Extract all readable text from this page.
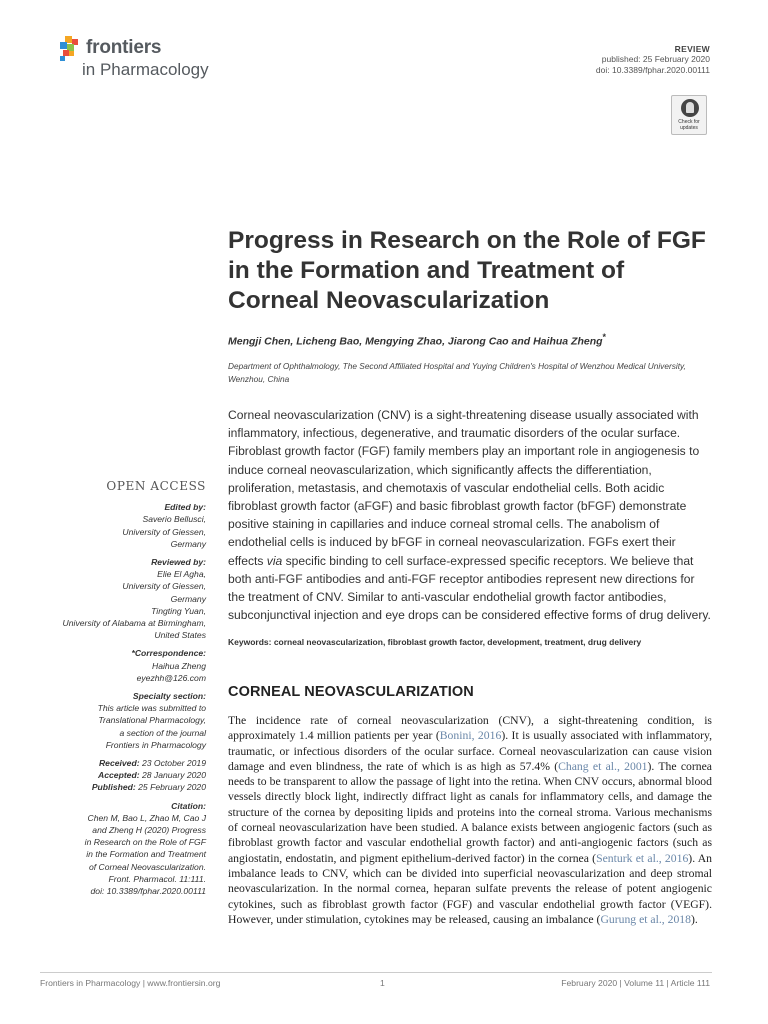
frontiers
in Pharmacology
REVIEW
published: 25 February 2020
doi: 10.3389/fphar.2020.00111
Check for
updates
Progress in Research on the Role of FGF in the Formation and Treatment of Corneal Neovascularization
Mengji Chen, Licheng Bao, Mengying Zhao, Jiarong Cao and Haihua Zheng*
Department of Ophthalmology, The Second Affiliated Hospital and Yuying Children's Hospital of Wenzhou Medical University, Wenzhou, China
Corneal neovascularization (CNV) is a sight-threatening disease usually associated with inflammatory, infectious, degenerative, and traumatic disorders of the ocular surface. Fibroblast growth factor (FGF) family members play an important role in angiogenesis to induce corneal neovascularization, which significantly affects the differentiation, proliferation, metastasis, and chemotaxis of vascular endothelial cells. Both acidic fibroblast growth factor (aFGF) and basic fibroblast growth factor (bFGF) demonstrate positive staining in capillaries and induce corneal stromal cells. The anabolism of endothelial cells is induced by bFGF in corneal neovascularization. FGFs exert their effects via specific binding to cell surface-expressed specific receptors. We believe that both anti-FGF antibodies and anti-FGF receptor antibodies represent new directions for the treatment of CNV. Similar to anti-vascular endothelial growth factor antibodies, subconjunctival injection and eye drops can be considered effective forms of drug delivery.
Keywords: corneal neovascularization, fibroblast growth factor, development, treatment, drug delivery
OPEN ACCESS
Edited by:
Saverio Bellusci,
University of Giessen,
Germany
Reviewed by:
Elie El Agha,
University of Giessen,
Germany
Tingting Yuan,
University of Alabama at Birmingham,
United States
*Correspondence:
Haihua Zheng
eyezhh@126.com
Specialty section:
This article was submitted to
Translational Pharmacology,
a section of the journal
Frontiers in Pharmacology
Received: 23 October 2019
Accepted: 28 January 2020
Published: 25 February 2020
Citation:
Chen M, Bao L, Zhao M, Cao J
and Zheng H (2020) Progress
in Research on the Role of FGF
in the Formation and Treatment
of Corneal Neovascularization.
Front. Pharmacol. 11:111.
doi: 10.3389/fphar.2020.00111
CORNEAL NEOVASCULARIZATION
The incidence rate of corneal neovascularization (CNV), a sight-threatening condition, is approximately 1.4 million patients per year (Bonini, 2016). It is usually associated with inflammatory, traumatic, or infectious disorders of the ocular surface. Corneal neovascularization can cause vision damage and even blindness, the rate of which is as high as 57.4% (Chang et al., 2001). The cornea needs to be transparent to allow the passage of light into the retina. When CNV occurs, abnormal blood vessels directly block light, indirectly diffract light as canals for inflammatory cells, and damage the structure of the cornea by depositing lipids and proteins into the corneal stroma. Various mechanisms of corneal neovascularization have been studied. A balance exists between angiogenic factors (such as fibroblast growth factor and vascular endothelial growth factor) and anti-angiogenic factors (such as angiostatin, endostatin, and pigment epithelium-derived factor) in the cornea (Senturk et al., 2016). An imbalance leads to CNV, which can be divided into superficial neovascularization and deep stromal neovascularization. In the normal cornea, heparan sulfate prevents the release of potent angiogenic cytokines, such as fibroblast growth factor (FGF) and vascular endothelial growth factor (VEGF). However, under stimulation, cytokines may be released, causing an imbalance (Gurung et al., 2018).
Frontiers in Pharmacology | www.frontiersin.org	1	February 2020 | Volume 11 | Article 111
